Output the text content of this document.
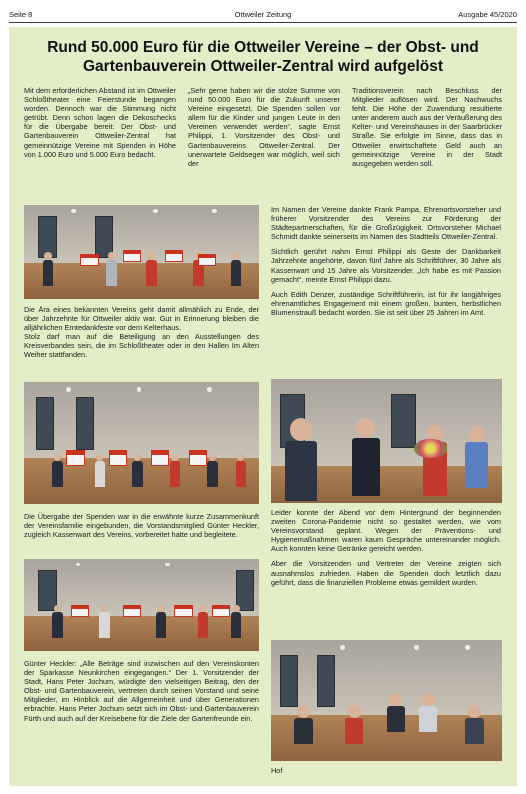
Seite 8	Ottweiler Zeitung	Ausgabe 45/2020
Rund 50.000 Euro für die Ottweiler Vereine – der Obst- und Gartenbauverein Ottweiler-Zentral wird aufgelöst

Mit dem erforderlichen Abstand ist im Ottweiler Schloßtheater eine Feierstunde begangen worden. Dennoch war die Stimmung nicht getrübt. Denn schon lagen die Dekoschecks für die Übergabe bereit: Der Obst- und Gartenbauverein Ottweiler-Zentral hat gemeinnützige Vereine mit Spenden in Höhe von 1.000 Euro und 5.000 Euro bedacht.

„Sehr gerne haben wir die stolze Summe von rund 50.000 Euro für die Zukunft unserer Vereine eingesetzt. Die Spenden sollen vor allem für die Kinder und jungen Leute in den Vereinen verwendet werden“, sagte Ernst Philippi, 1. Vorsitzender des Obst- und Gartenbauvereins Ottweiler-Zentral. Der unerwartete Geldsegen war möglich, weil sich der

Traditionsverein nach Beschluss der Mitglieder auflösen wird. Der Nachwuchs fehlt. Die Höhe der Zuwendung resultierte unter anderem auch aus der Veräußerung des Kelter- und Vereinshauses in der Saarbrücker Straße. Sie erfolgte im Sinne, dass das in Ottweiler erwirtschaftete Geld auch an gemeinnützige Vereine in der Stadt ausgegeben werden soll.

Die Ära eines bekannten Vereins geht damit allmählich zu Ende, der über Jahrzehnte für Ottweiler aktiv war. Gut in Erinnerung bleiben die alljährlichen Erntedankfeste vor dem Kelterhaus.

Stolz darf man auf die Beteiligung an den Ausstellungen des Kreisverbandes sein, die im Schloßtheater oder in den Hallen Im Alten Weiher stattfanden.

Die Übergabe der Spenden war in die erwähnte kurze Zusammenkunft der Vereinsfamilie eingebunden, die Vorstandsmitglied Günter Heckler, zugleich Kassenwart des Vereins, vorbereitet hatte und begleitete.

Günter Heckler: „Alle Beträge sind inzwischen auf den Vereinskonten der Sparkasse Neunkirchen eingegangen.“ Der 1. Vorsitzender der Stadt, Hans Peter Jochum, würdigte den vielseitigen Beitrag, den der Obst- und Gartenbauverein, vertreten durch seinen Vorstand und seine Mitglieder, im Hinblick auf die Allgemeinheit und über Generationen erbrachte. Hans Peter Jochum setzt sich im Obst- und Gartenbauverein Fürth und auch auf der Kreisebene für die Ziele der Gartenfreunde ein.

Im Namen der Vereine dankte Frank Pampa, Ehrenortsvorsteher und früherer Vorsitzender des Vereins zur Förderung der Städtepartnerschaften, für die Großzügigkeit. Ortsvorsteher Michael Schmidt dankte seinerseits im Namen des Stadtteils Ottweiler-Zentral.

Sichtlich gerührt nahm Ernst Philippi als Geste der Dankbarkeit Jahrzehnte angehörte, davon fünf Jahre als Schriftführer, 30 Jahre als Kassenwart und 15 Jahre als Vorsitzender. „Ich habe es mit Passion gemacht“, meinte Ernst Philippi dazu.

Auch Edith Denzer, zuständige Schriftführerin, ist für ihr langjähriges ehrenamtliches Engagement mit einem großen, bunten, herbstlichen Blumenstrauß bedacht worden. Sie ist seit über 25 Jahren im Amt.

Leider konnte der Abend vor dem Hintergrund der beginnenden zweiten Corona-Pandemie nicht so gestaltet werden, wie vom Vereinsvorstand geplant. Wegen der Präventions- und Hygienemaßnahmen waren kaum Gespräche untereinander möglich. Auch konnten keine Getränke gereicht werden.

Aber die Vorsitzenden und Vertreter der Vereine zeigten sich ausnahmslos zufrieden. Haben die Spenden doch letztlich dazu geführt, dass die finanziellen Probleme etwas gemildert wurden.

Hof
